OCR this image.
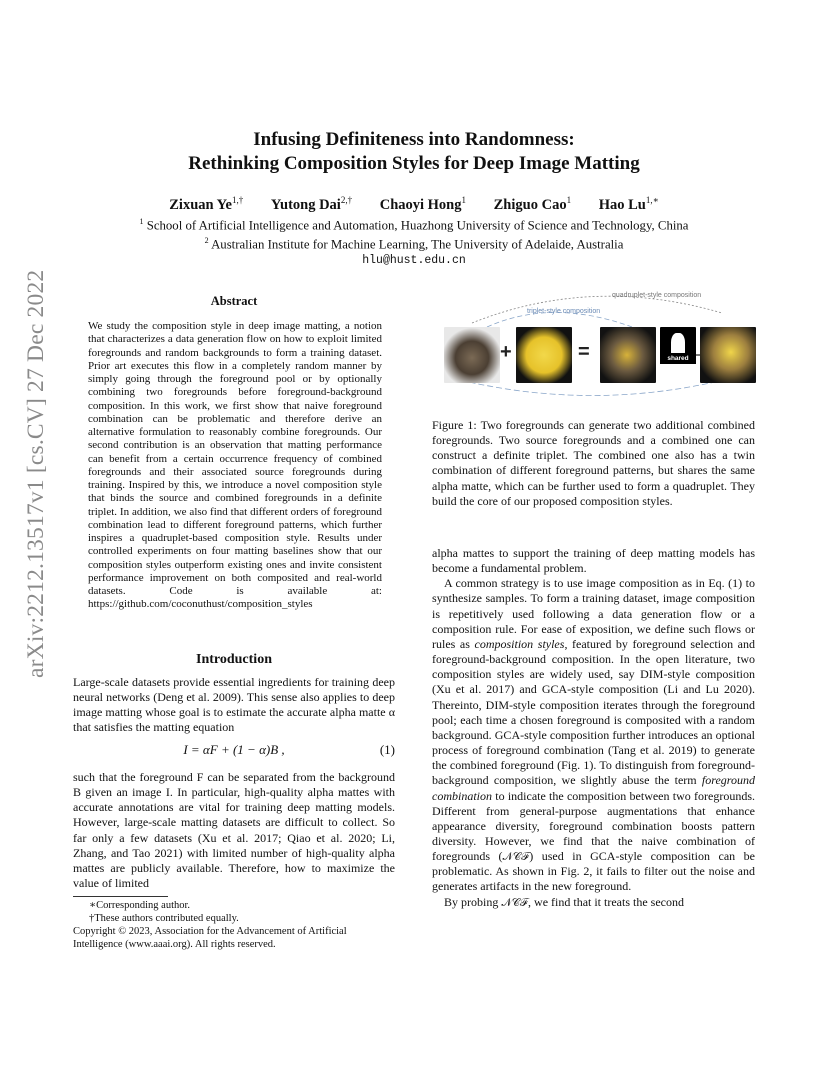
arXiv:2212.13517v1 [cs.CV] 27 Dec 2022
Infusing Definiteness into Randomness:
Rethinking Composition Styles for Deep Image Matting
Zixuan $Ye^{1,\dagger}$ Yutong Dai$^{2,\dagger}$ Chaoyi Hong$^1$ Zhiguo Cao$^1$ Hao $Lu^{1,∗}$
$^1$ School of Artificial Intelligence and Automation, Huazhong University of Science and Technology, China
$^2$ Australian Institute for Machine Learning, The University of Adelaide, Australia
hlu@hust.edu.cn
Abstract

We study the composition style in deep image matting, a notion that characterizes a data generation flow on how to exploit limited foregrounds and random backgrounds to form a training dataset. Prior art executes this flow in a completely random manner by simply going through the foreground pool or by optionally combining two foregrounds before foreground-background composition. In this work, we first show that naive foreground combination can be problematic and therefore derive an alternative formulation to reasonably combine foregrounds. Our second contribution is an observation that matting performance can benefit from a certain occurrence frequency of combined foregrounds and their associated source foregrounds during training. Inspired by this, we introduce a novel composition style that binds the source and combined foregrounds in a definite triplet. In addition, we also find that different orders of foreground combination lead to different foreground patterns, which further inspires a quadruplet-based composition style. Results under controlled experiments on four matting baselines show that our composition styles outperform existing ones and invite consistent performance improvement on both composited and real-world datasets. Code is available at: https://github.com/coconuthust/composition_styles

Introduction

Large-scale datasets provide essential ingredients for training deep neural networks (Deng et al. 2009). This sense also applies to deep image matting whose goal is to estimate the accurate alpha matte α that satisfies the matting equation

I = αF + (1 − α)B ,	(1)

such that the foreground F can be separated from the background B given an image I. In particular, high-quality alpha mattes with accurate annotations are vital for training deep matting models. However, large-scale matting datasets are difficult to collect. So far only a few datasets (Xu et al. 2017; Qiao et al. 2020; Li, Zhang, and Tao 2021) with limited number of high-quality alpha mattes are publicly available. Therefore, how to maximize the value of limited

∗Corresponding author.
†These authors contributed equally.
Copyright © 2023, Association for the Advancement of Artificial
Intelligence (www.aaai.org). All rights reserved.
quadruplet-style composition
triplet-style composition
+	=	shared

Figure 1: Two foregrounds can generate two additional combined foregrounds. Two source foregrounds and a combined one can construct a definite triplet. The combined one also has a twin combination of different foreground patterns, but shares the same alpha matte, which can be further used to form a quadruplet. They build the core of our proposed composition styles.

alpha mattes to support the training of deep matting models has become a fundamental problem.

A common strategy is to use image composition as in Eq. (1) to synthesize samples. To form a training dataset, image composition is repetitively used following a data generation flow or a composition rule. For ease of exposition, we define such flows or rules as composition styles, featured by foreground selection and foreground-background composition. In the open literature, two composition styles are widely used, say DIM-style composition (Xu et al. 2017) and GCA-style composition (Li and Lu 2020). Thereinto, DIM-style composition iterates through the foreground pool; each time a chosen foreground is composited with a random background. GCA-style composition further introduces an optional process of foreground combination (Tang et al. 2019) to generate the combined foreground (Fig. 1). To distinguish from foreground-background composition, we slightly abuse the term foreground combination to indicate the composition between two foregrounds. Different from general-purpose augmentations that enhance appearance diversity, foreground combination boosts pattern diversity. However, we find that the naive combination of foregrounds (𝒩𝒞ℱ) used in GCA-style composition can be problematic. As shown in Fig. 2, it fails to filter out the noise and generates artifacts in the new foreground.

By probing 𝒩𝒞ℱ, we find that it treats the second
